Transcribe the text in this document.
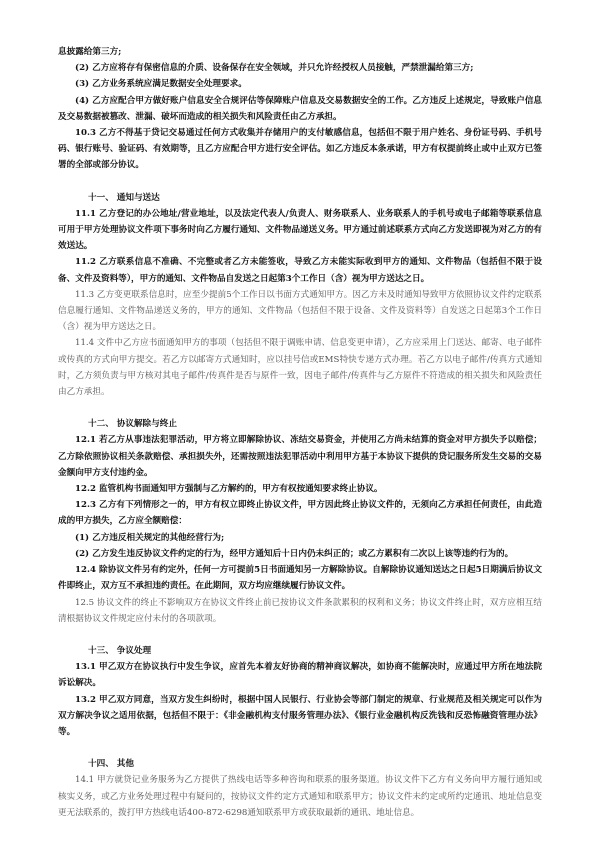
息披露给第三方;

(2) 乙方应将存有保密信息的介质、设备保存在安全领域，并只允许经授权人员接触，严禁泄漏给第三方;

(3) 乙方业务系统应满足数据安全处理要求。

(4) 乙方应配合甲方做好账户信息安全合规评估等保障账户信息及交易数据安全的工作。乙方违反上述规定，导致账户信息及交易数据被篡改、泄漏、破坏而造成的相关损失和风险责任由乙方承担。

10.3 乙方不得基于贷记交易通过任何方式收集并存储用户的支付敏感信息，包括但不限于用户姓名、身份证号码、手机号码、银行账号、验证码、有效期等，且乙方应配合甲方进行安全评估。如乙方违反本条承诺，甲方有权提前终止或中止双方已签署的全部或部分协议。

十一、 通知与送达

11.1 乙方登记的办公地址/营业地址，以及法定代表人/负责人、财务联系人、业务联系人的手机号或电子邮箱等联系信息可用于甲方处理协议文件项下事务时向乙方履行通知、文件物品递送义务。甲方通过前述联系方式向乙方发送即视为对乙方的有效送达。

11.2 乙方联系信息不准确、不完整或者乙方未能签收，导致乙方未能实际收到甲方的通知、文件物品（包括但不限于设备、文件及资料等），甲方的通知、文件物品自发送之日起第3个工作日（含）视为甲方送达之日。

11.3 乙方变更联系信息时，应至少提前5个工作日以书面方式通知甲方。因乙方未及时通知导致甲方依照协议文件约定联系信息履行通知、文件物品递送义务的，甲方的通知、文件物品（包括但不限于设备、文件及资料等）自发送之日起第3个工作日（含）视为甲方送达之日。

11.4 文件中乙方应书面通知甲方的事项（包括但不限于调账申请、信息变更申请），乙方应采用上门送达、邮寄、电子邮件或传真的方式向甲方提交。若乙方以邮寄方式通知时，应以挂号信或EMS特快专递方式办理。若乙方以电子邮件/传真方式通知时，乙方须负责与甲方核对其电子邮件/传真件是否与原件一致，因电子邮件/传真件与乙方原件不符造成的相关损失和风险责任由乙方承担。

十二、 协议解除与终止

12.1 若乙方从事违法犯罪活动，甲方将立即解除协议、冻结交易资金，并使用乙方尚未结算的资金对甲方损失予以赔偿；乙方除依照协议相关条款赔偿、承担损失外，还需按照违法犯罪活动中利用甲方基于本协议下提供的贷记服务所发生交易的交易金额向甲方支付违约金。

12.2 监管机构书面通知甲方强制与乙方解约的，甲方有权按通知要求终止协议。

12.3 乙方有下列情形之一的，甲方有权立即终止协议文件，甲方因此终止协议文件的，无须向乙方承担任何责任，由此造成的甲方损失，乙方应全额赔偿：

(1) 乙方违反相关规定的其他经营行为;

(2) 乙方发生违反协议文件约定的行为，经甲方通知后十日内仍未纠正的；或乙方累积有二次以上该等违约行为的。

12.4 除协议文件另有约定外，任何一方可提前5日书面通知另一方解除协议。自解除协议通知送达之日起5日期满后协议文件即终止，双方互不承担违约责任。在此期间，双方均应继续履行协议文件。

12.5 协议文件的终止不影响双方在协议文件终止前已按协议文件条款累积的权利和义务；协议文件终止时，双方应相互结清根据协议文件规定应付未付的各项款项。

十三、 争议处理

13.1 甲乙双方在协议执行中发生争议，应首先本着友好协商的精神商议解决，如协商不能解决时，应通过甲方所在地法院诉讼解决。

13.2 甲乙双方同意，当双方发生纠纷时，根据中国人民银行、行业协会等部门制定的规章、行业规范及相关规定可以作为双方解决争议之适用依据，包括但不限于：《非金融机构支付服务管理办法》、《银行业金融机构反洗钱和反恐怖融资管理办法》等。

十四、 其他

14.1 甲方就贷记业务服务为乙方提供了热线电话等多种咨询和联系的服务渠道。协议文件下乙方有义务向甲方履行通知或核实义务，或乙方业务处理过程中有疑问的，按协议文件约定方式通知和联系甲方；协议文件未约定或所约定通讯、地址信息变更无法联系的，拨打甲方热线电话400-872-6298通知联系甲方或获取最新的通讯、地址信息。
